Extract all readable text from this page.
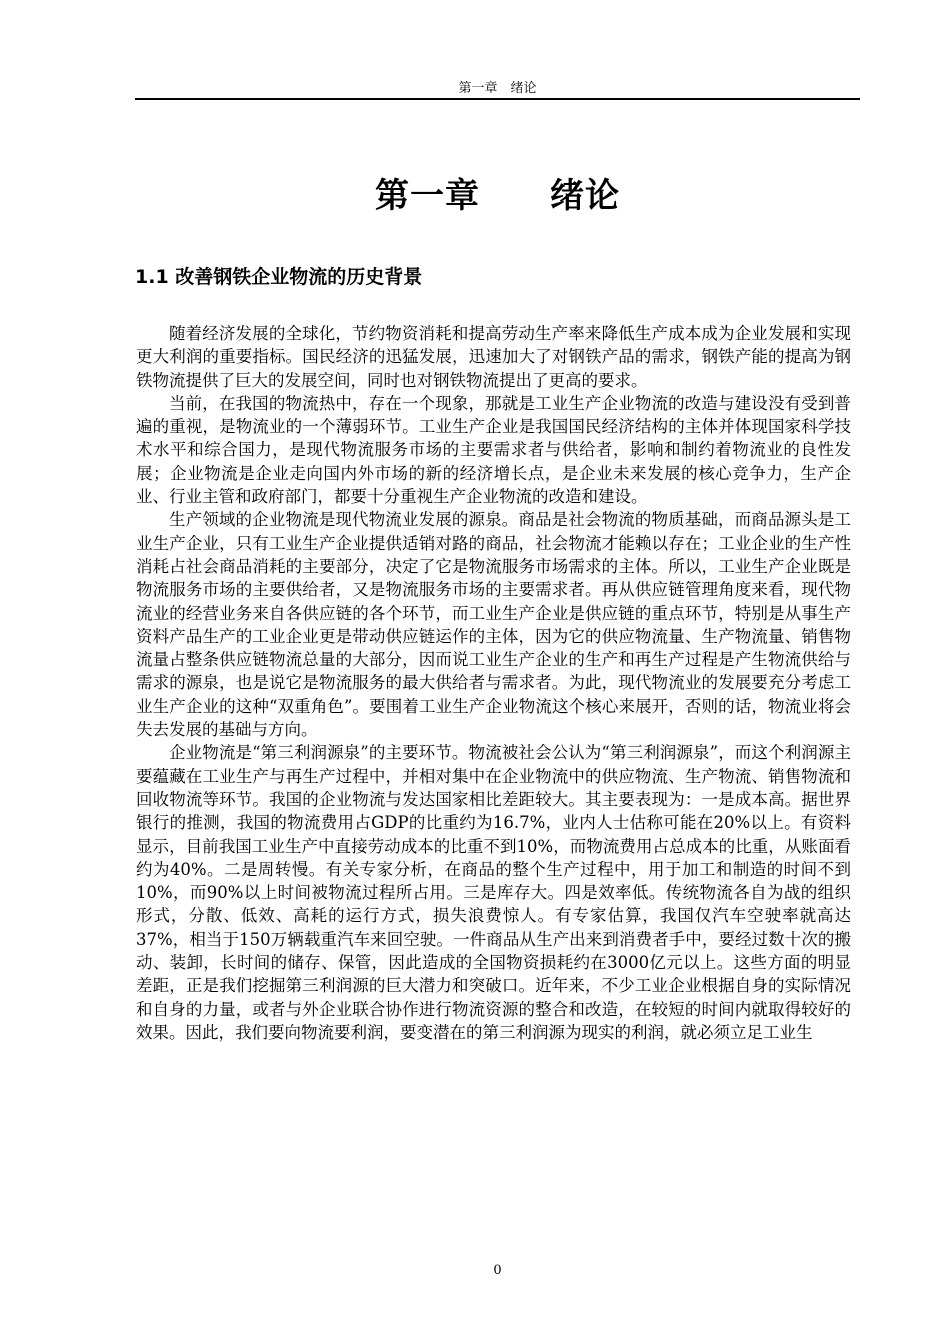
第一章　绪论
第一章　　绪论
1.1 改善钢铁企业物流的历史背景

随着经济发展的全球化，节约物资消耗和提高劳动生产率来降低生产成本成为企业发展和实现更大利润的重要指标。国民经济的迅猛发展，迅速加大了对钢铁产品的需求，钢铁产能的提高为钢铁物流提供了巨大的发展空间，同时也对钢铁物流提出了更高的要求。

当前，在我国的物流热中，存在一个现象，那就是工业生产企业物流的改造与建设没有受到普遍的重视，是物流业的一个薄弱环节。工业生产企业是我国国民经济结构的主体并体现国家科学技术水平和综合国力，是现代物流服务市场的主要需求者与供给者，影响和制约着物流业的良性发展；企业物流是企业走向国内外市场的新的经济增长点，是企业未来发展的核心竞争力，生产企业、行业主管和政府部门，都要十分重视生产企业物流的改造和建设。

生产领域的企业物流是现代物流业发展的源泉。商品是社会物流的物质基础，而商品源头是工业生产企业，只有工业生产企业提供适销对路的商品，社会物流才能赖以存在；工业企业的生产性消耗占社会商品消耗的主要部分，决定了它是物流服务市场需求的主体。所以，工业生产企业既是物流服务市场的主要供给者，又是物流服务市场的主要需求者。再从供应链管理角度来看，现代物流业的经营业务来自各供应链的各个环节，而工业生产企业是供应链的重点环节，特别是从事生产资料产品生产的工业企业更是带动供应链运作的主体，因为它的供应物流量、生产物流量、销售物流量占整条供应链物流总量的大部分，因而说工业生产企业的生产和再生产过程是产生物流供给与需求的源泉，也是说它是物流服务的最大供给者与需求者。为此，现代物流业的发展要充分考虑工业生产企业的这种“双重角色”。要围着工业生产企业物流这个核心来展开，否则的话，物流业将会失去发展的基础与方向。

企业物流是“第三利润源泉”的主要环节。物流被社会公认为“第三利润源泉”，而这个利润源主要蕴藏在工业生产与再生产过程中，并相对集中在企业物流中的供应物流、生产物流、销售物流和回收物流等环节。我国的企业物流与发达国家相比差距较大。其主要表现为：一是成本高。据世界银行的推测，我国的物流费用占GDP的比重约为16.7%，业内人士估称可能在20%以上。有资料显示，目前我国工业生产中直接劳动成本的比重不到10%，而物流费用占总成本的比重，从账面看约为40%。二是周转慢。有关专家分析，在商品的整个生产过程中，用于加工和制造的时间不到10%，而90%以上时间被物流过程所占用。三是库存大。四是效率低。传统物流各自为战的组织形式，分散、低效、高耗的运行方式，损失浪费惊人。有专家估算，我国仅汽车空驶率就高达37%，相当于150万辆载重汽车来回空驶。一件商品从生产出来到消费者手中，要经过数十次的搬动、装卸，长时间的储存、保管，因此造成的全国物资损耗约在3000亿元以上。这些方面的明显差距，正是我们挖掘第三利润源的巨大潜力和突破口。近年来，不少工业企业根据自身的实际情况和自身的力量，或者与外企业联合协作进行物流资源的整合和改造，在较短的时间内就取得较好的效果。因此，我们要向物流要利润，要变潜在的第三利润源为现实的利润，就必须立足工业生

0
